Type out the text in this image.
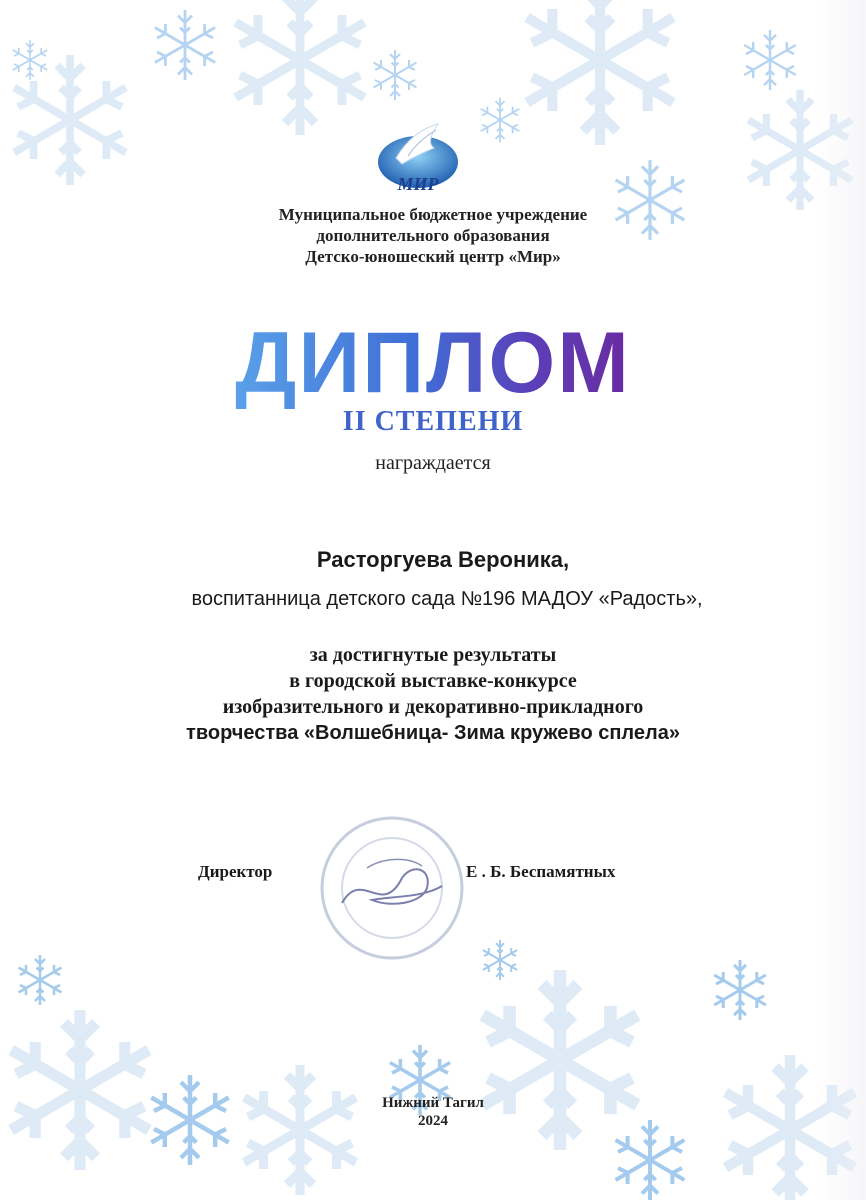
МИР
Муниципальное бюджетное учреждение
дополнительного образования
Детско-юношеский центр «Мир»
ДИПЛОМ
II СТЕПЕНИ
награждается
Расторгуева Вероника,
воспитанница детского сада №196 МАДОУ «Радость»,
за достигнутые результаты
в городской выставке-конкурсе
изобразительного и декоративно-прикладного
творчества «Волшебница- Зима кружево сплела»
Директор	Е . Б. Беспамятных
Нижний Тагил
2024
